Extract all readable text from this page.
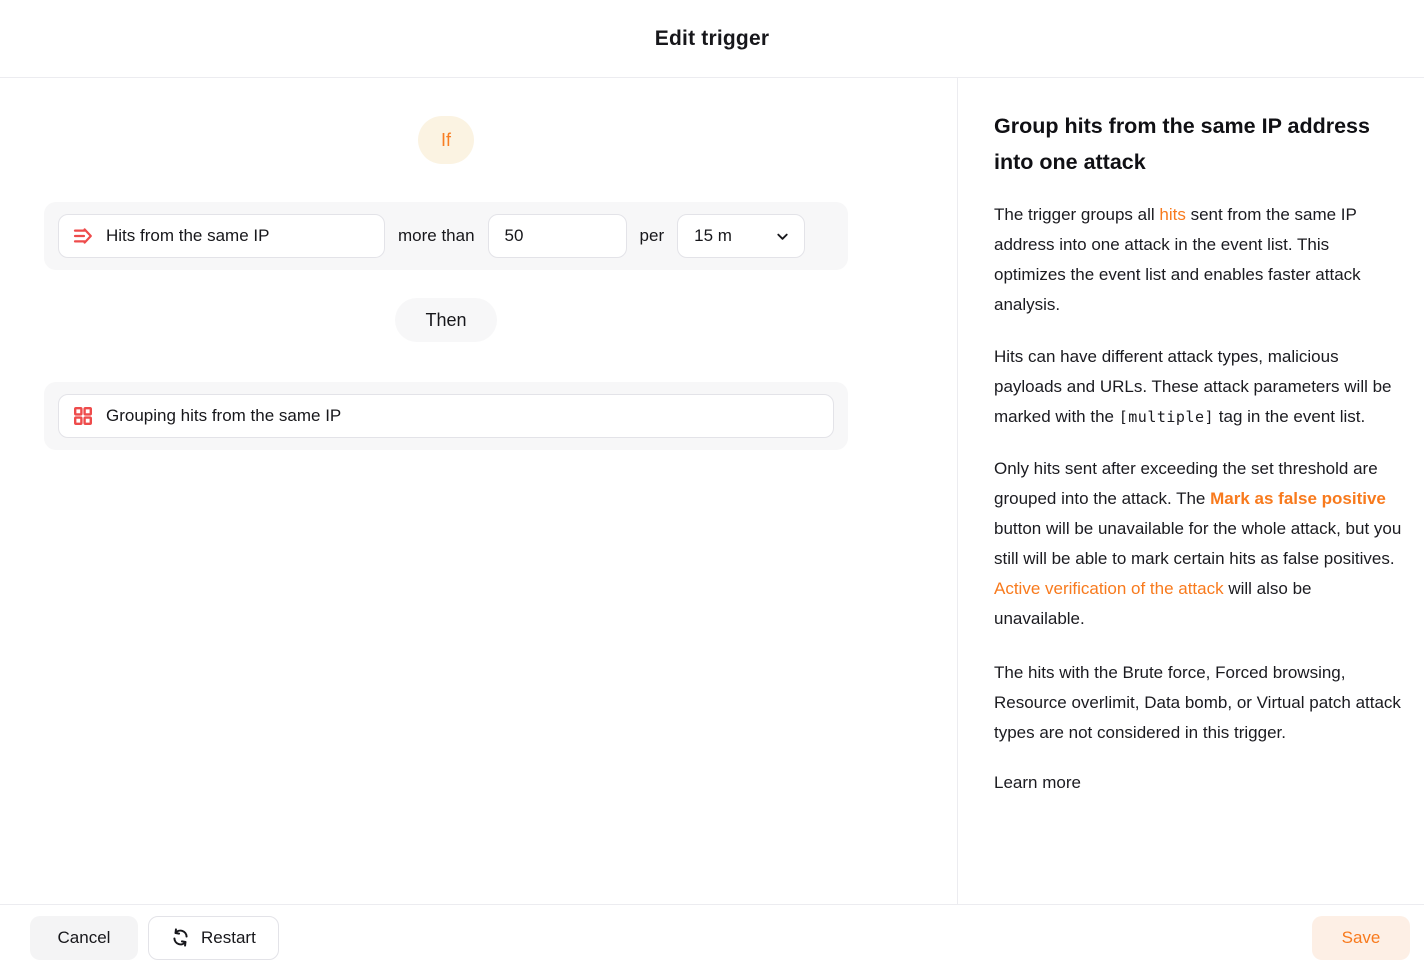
Edit trigger
If
Hits from the same IP	more than
50	per 15 m
Then
Grouping hits from the same IP
Group hits from the same IP address into one attack

The trigger groups all hits sent from the same IP address into one attack in the event list. This optimizes the event list and enables faster attack analysis.

Hits can have different attack types, malicious payloads and URLs. These attack parameters will be marked with the [multiple] tag in the event list.

Only hits sent after exceeding the set threshold are grouped into the attack. The Mark as false positive button will be unavailable for the whole attack, but you still will be able to mark certain hits as false positives.
Active verification of the attack will also be unavailable.

The hits with the Brute force, Forced browsing, Resource overlimit, Data bomb, or Virtual patch attack types are not considered in this trigger.

Learn more

Cancel	Restart	Save
